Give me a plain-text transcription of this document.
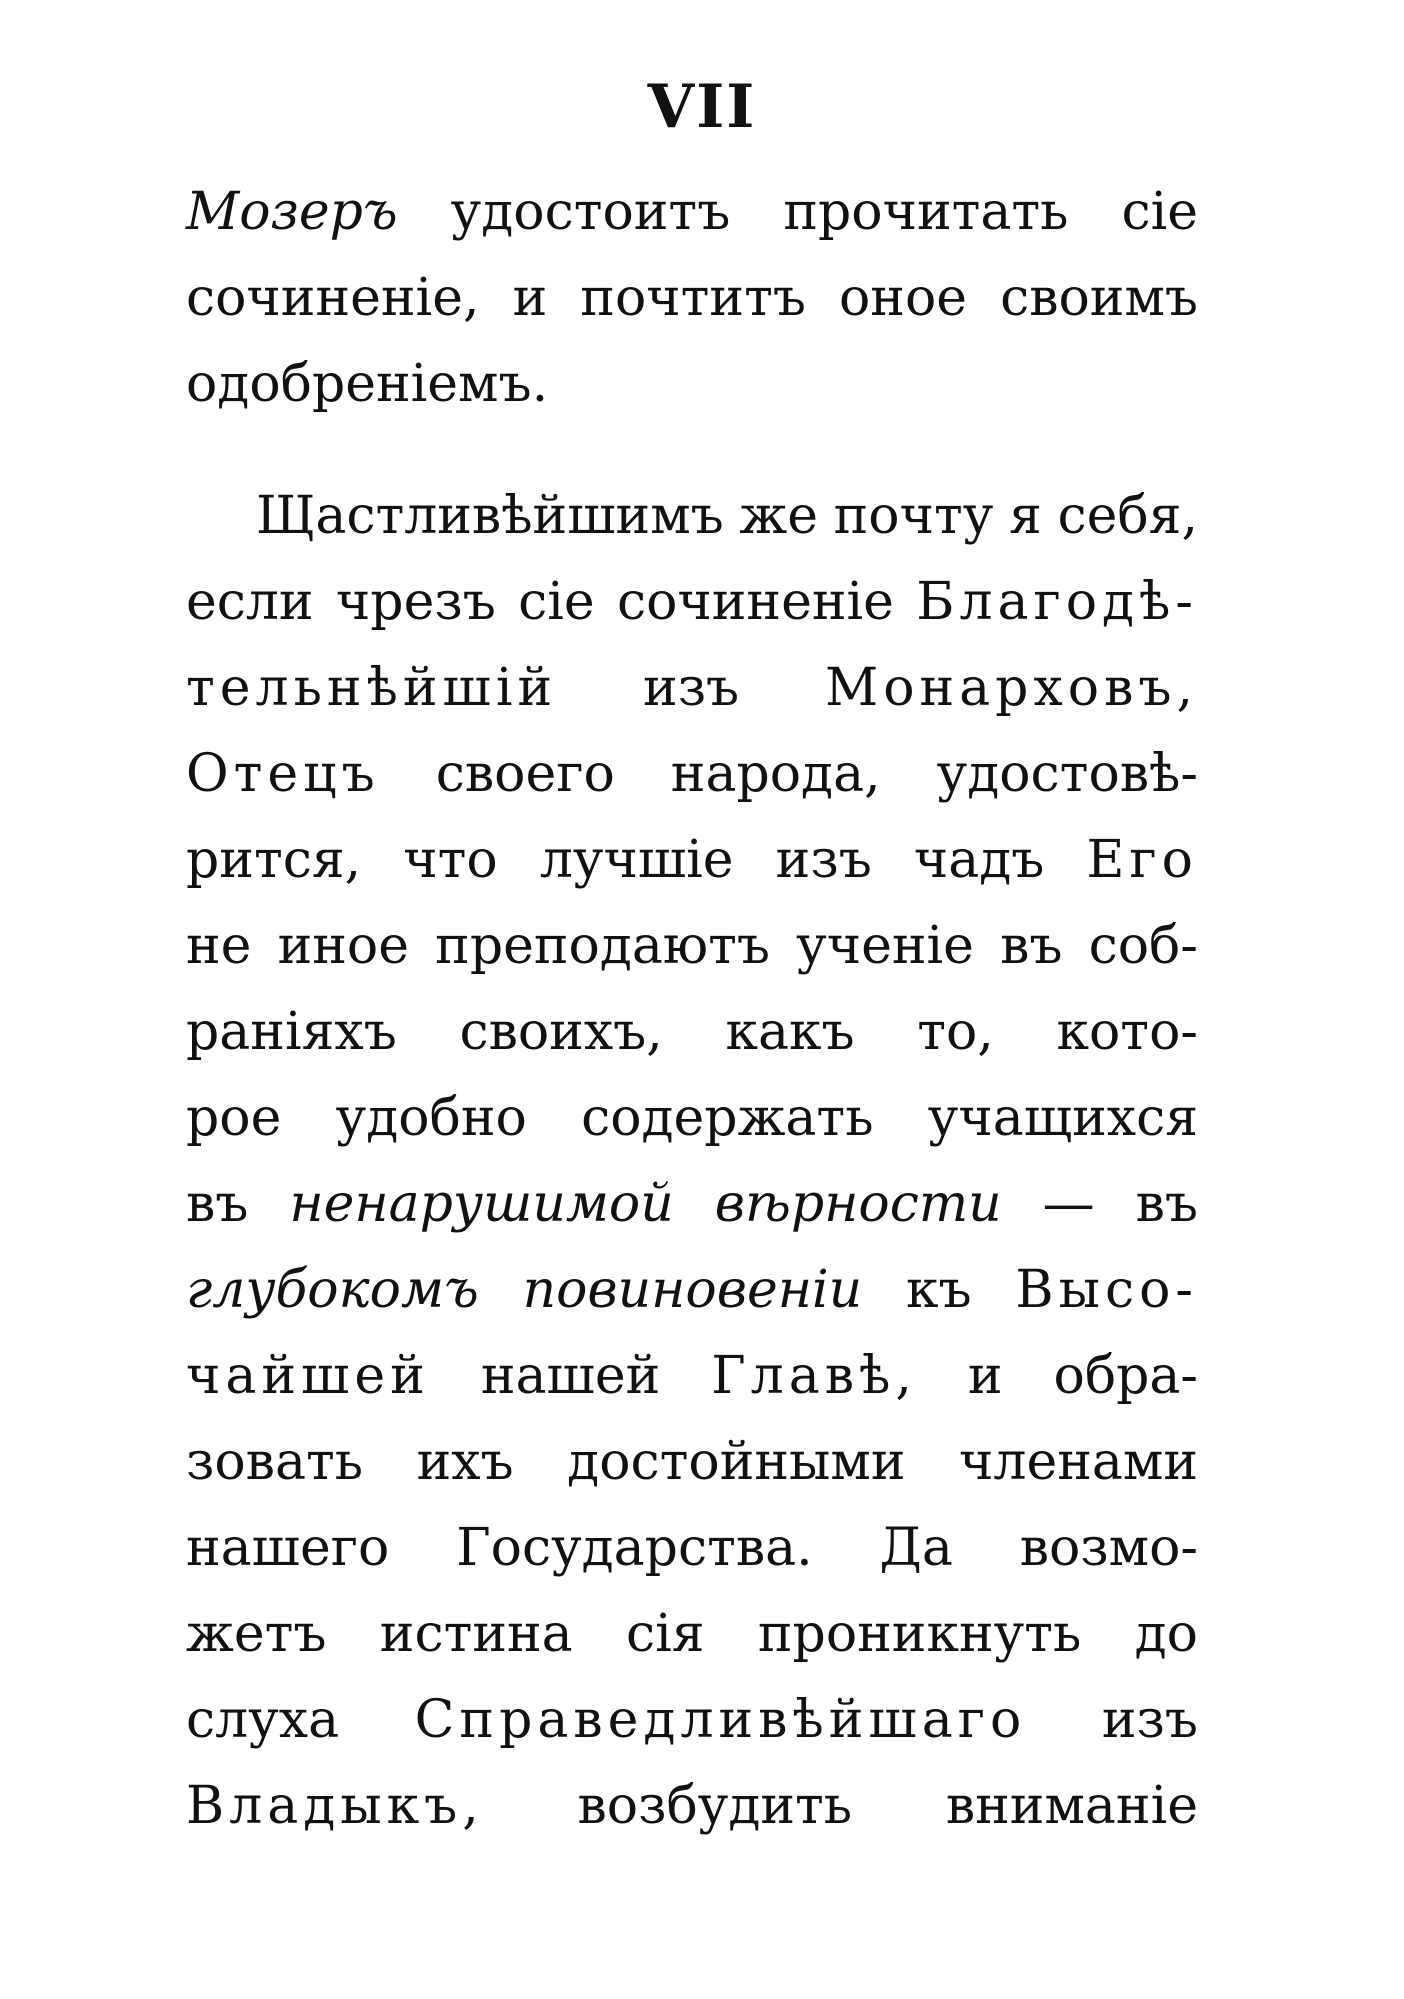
VII
Мозеръ удостоитъ прочитать сіе
сочиненіе, и почтитъ оное своимъ
одобреніемъ.
Щастливѣйшимъ же почту я себя,
если чрезъ сіе сочиненіе Благодѣ-
тельнѣйшій изъ Монарховъ,
Отецъ своего народа, удостовѣ-
рится, что лучшіе изъ чадъ Его
не иное преподаютъ ученіе въ соб-
раніяхъ своихъ, какъ то, кото-
рое удобно содержать учащихся
въ ненарушимой вѣрности — въ
глубокомъ повиновеніи къ Высо-
чайшей нашей Главѣ, и обра-
зовать ихъ достойными членами
нашего Государства. Да возмо-
жетъ истина сія проникнуть до
слуха Справедливѣйшаго изъ
Владыкъ, возбудить вниманіе
